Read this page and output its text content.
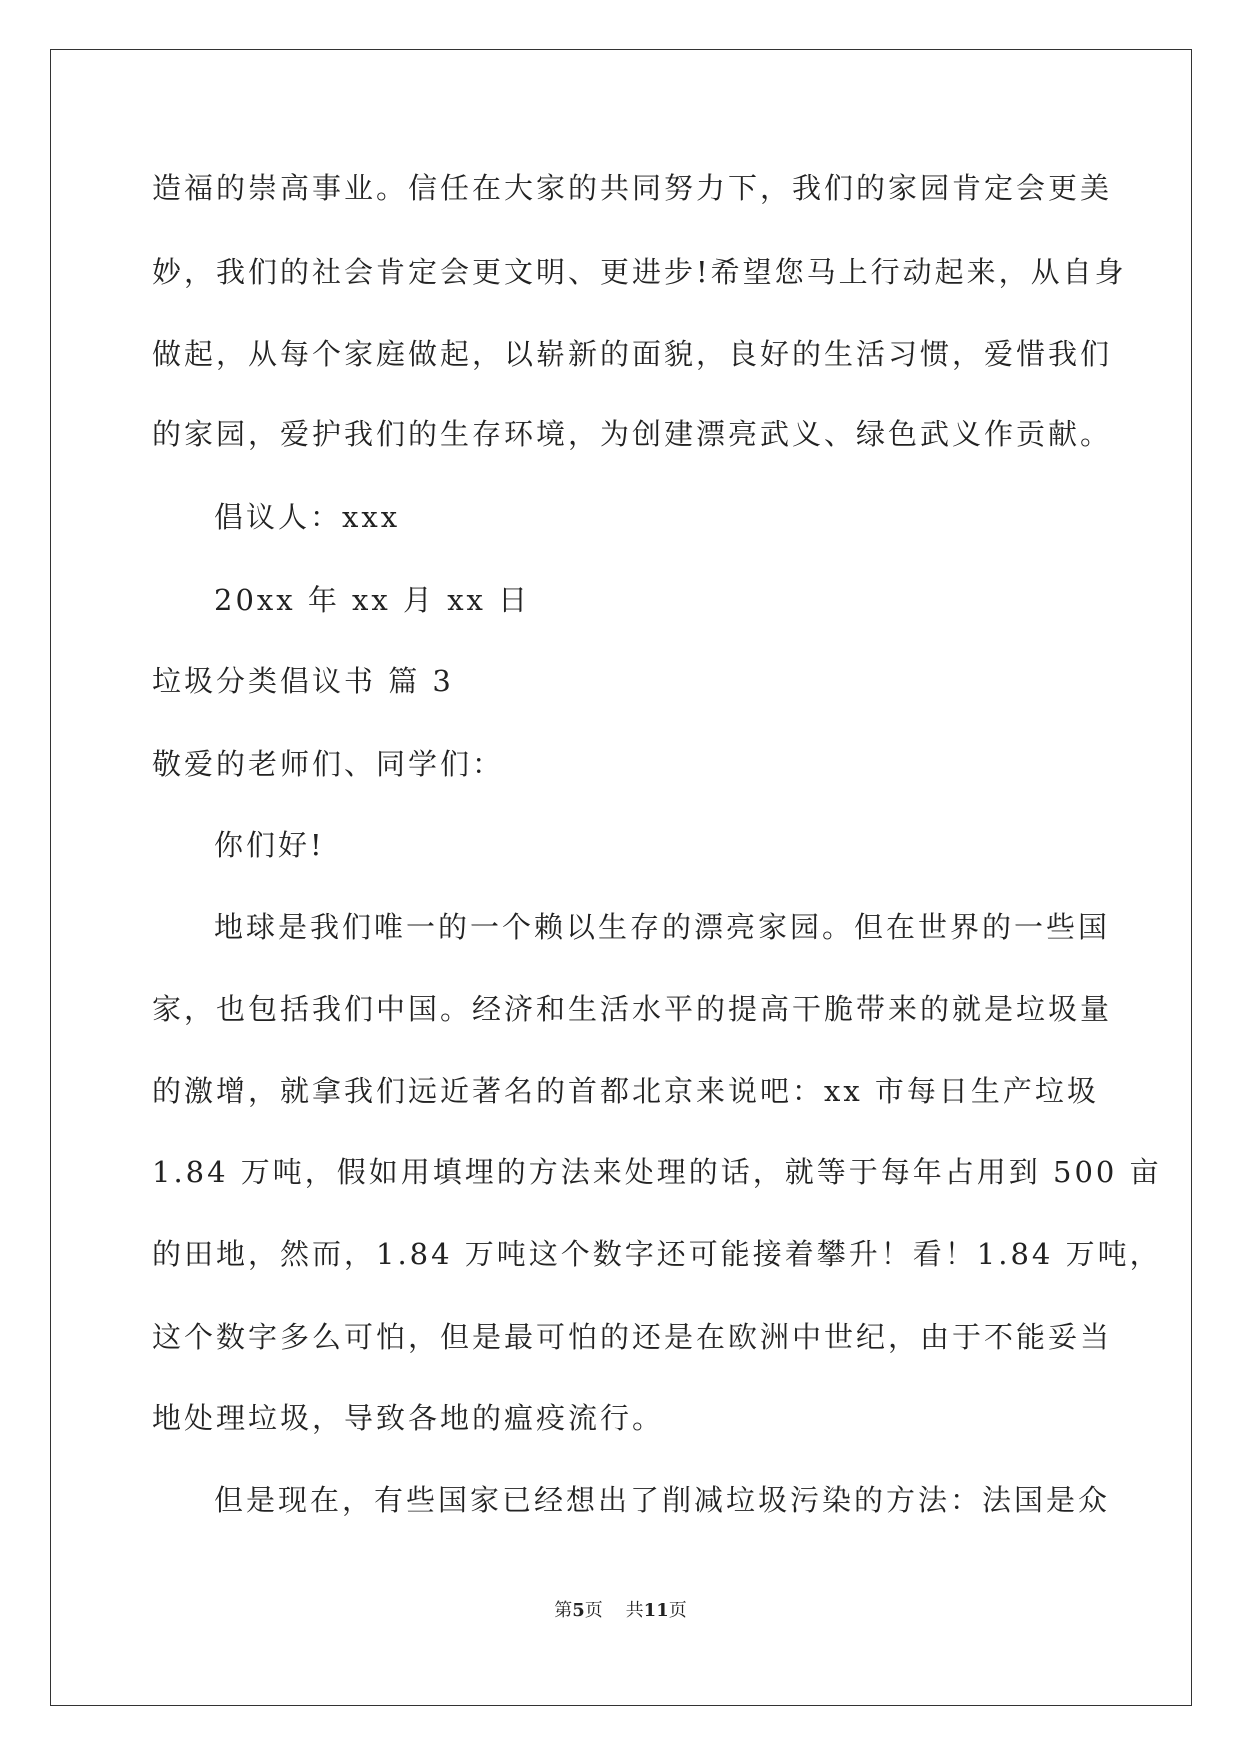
造福的崇高事业。信任在大家的共同努力下，我们的家园肯定会更美
妙，我们的社会肯定会更文明、更进步!希望您马上行动起来，从自身
做起，从每个家庭做起，以崭新的面貌，良好的生活习惯，爱惜我们
的家园，爱护我们的生存环境，为创建漂亮武义、绿色武义作贡献。
倡议人：xxx
20xx 年 xx 月 xx 日
垃圾分类倡议书 篇 3
敬爱的老师们、同学们：
你们好!
地球是我们唯一的一个赖以生存的漂亮家园。但在世界的一些国
家，也包括我们中国。经济和生活水平的提高干脆带来的就是垃圾量
的激增，就拿我们远近著名的首都北京来说吧：xx 市每日生产垃圾
1.84 万吨，假如用填埋的方法来处理的话，就等于每年占用到 500 亩
的田地，然而，1.84 万吨这个数字还可能接着攀升！看！1.84 万吨，
这个数字多么可怕，但是最可怕的还是在欧洲中世纪，由于不能妥当
地处理垃圾，导致各地的瘟疫流行。
但是现在，有些国家已经想出了削减垃圾污染的方法：法国是众
第5页    共11页
